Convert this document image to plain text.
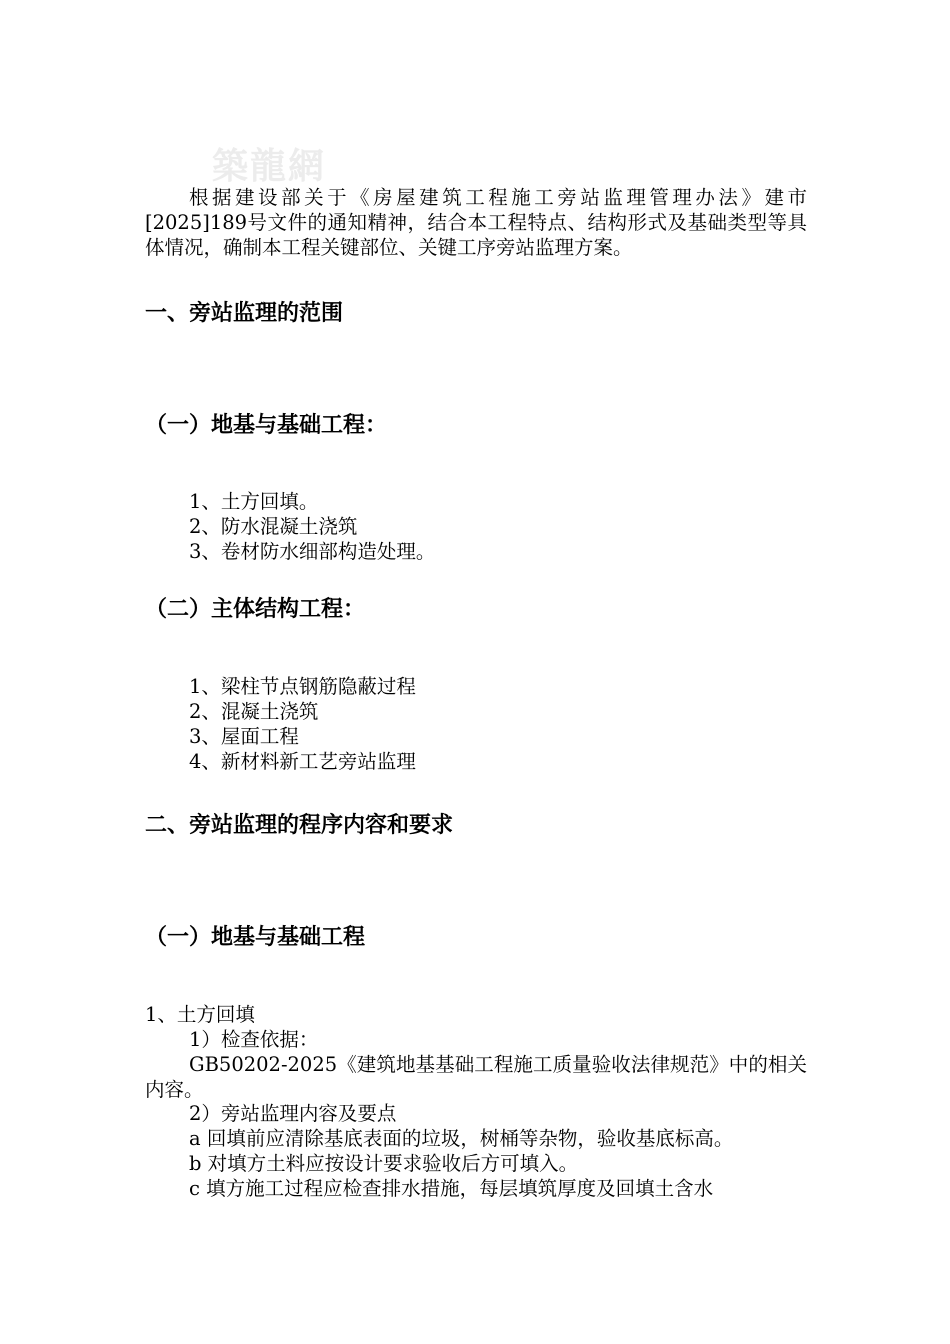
築龍網
根据建设部关于《房屋建筑工程施工旁站监理管理办法》建市[2025]189号文件的通知精神，结合本工程特点、结构形式及基础类型等具体情况，确制本工程关键部位、关键工序旁站监理方案。
一、旁站监理的范围
（一）地基与基础工程：
1、土方回填。
2、防水混凝土浇筑
3、卷材防水细部构造处理。
（二）主体结构工程：
1、梁柱节点钢筋隐蔽过程
2、混凝土浇筑
3、屋面工程
4、新材料新工艺旁站监理
二、旁站监理的程序内容和要求
（一）地基与基础工程
1、土方回填
1）检查依据：
GB50202-2025《建筑地基基础工程施工质量验收法律规范》中的相关内容。
2）旁站监理内容及要点
a 回填前应清除基底表面的垃圾，树桶等杂物，验收基底标高。
b 对填方土料应按设计要求验收后方可填入。
c 填方施工过程应检查排水措施，每层填筑厚度及回填土含水
